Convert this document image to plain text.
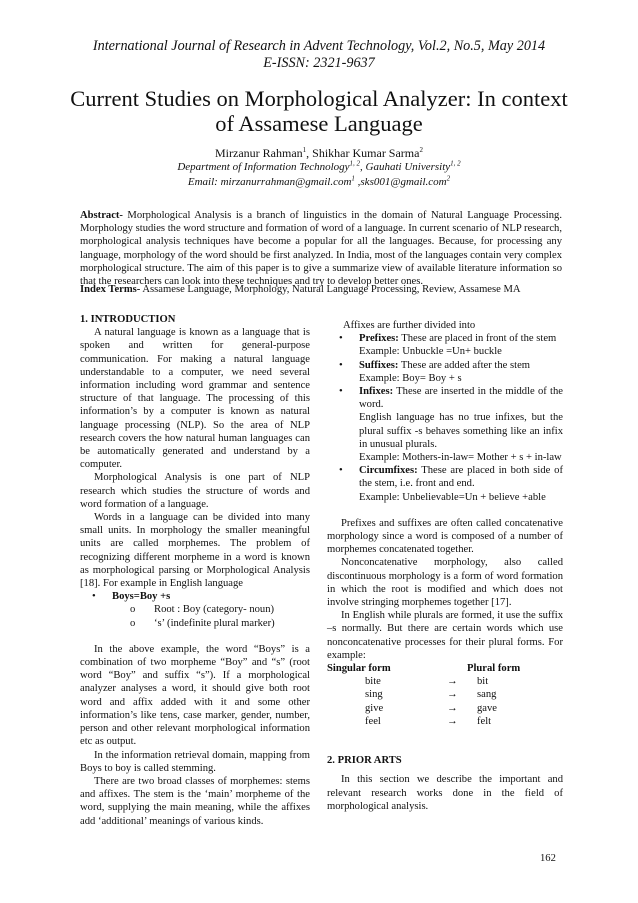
International Journal of Research in Advent Technology, Vol.2, No.5, May 2014
E-ISSN: 2321-9637
Current Studies on Morphological Analyzer: In context
of Assamese Language
Mirzanur Rahman$^1$, Shikhar Kumar Sarma$^2$
Department of Information Technology$^{1, 2}$, Gauhati University$^{1, 2}$
Email: mirzanurrahman@gmail.com$^1$ ,sks001@gmail.com$^2$
Abstract- Morphological Analysis is a branch of linguistics in the domain of Natural Language Processing. Morphology studies the word structure and formation of word of a language. In current scenario of NLP research, morphological analysis techniques have become a popular for all the languages. Because, for processing any language, morphology of the word should be first analyzed. In India, most of the languages contain very complex morphological structure. The aim of this paper is to give a summarize view of available literature information so that the researchers can look into these techniques and try to develop better ones.
Index Terms- Assamese Language, Morphology, Natural Language Processing, Review, Assamese MA
1. INTRODUCTION

A natural language is known as a language that is spoken and written for general-purpose communication. For making a natural language understandable to a computer, we need several information including word grammar and sentence structure of that language. The processing of this information’s by a computer is known as natural language processing (NLP). So the area of NLP research covers the how natural human languages can be automatically generated and understand by a computer.

Morphological Analysis is one part of NLP research which studies the structure of words and word formation of a language.

Words in a language can be divided into many small units. In morphology the smaller meaningful units are called morphemes. The problem of recognizing different morpheme in a word is known as morphological parsing or Morphological Analysis [18]. For example in English language

• Boys=Boy +s
o Root : Boy (category- noun)
o ‘s’ (indefinite plural marker)

In the above example, the word “Boys” is a combination of two morpheme “Boy” and “s” (root word “Boy” and suffix “s”). If a morphological analyzer analyses a word, it should give both root word and affix added with it and some other information’s like tens, case marker, gender, number, person and other relevant morphological information etc as output.

In the information retrieval domain, mapping from Boys to boy is called stemming.

There are two broad classes of morphemes: stems and affixes. The stem is the ‘main’ morpheme of the word, supplying the main meaning, while the affixes add ‘additional’ meanings of various kinds.

Affixes are further divided into
• Prefixes: These are placed in front of the stem
Example: Unbuckle =Un+ buckle
• Suffixes: These are added after the stem
Example: Boy= Boy + s
• Infixes: These are inserted in the middle of the word.
English language has no true infixes, but the plural suffix -s behaves something like an infix in unusual plurals.
Example: Mothers-in-law= Mother + s + in-law
• Circumfixes: These are placed in both side of the stem, i.e. front and end.
Example: Unbelievable=Un + believe +able

Prefixes and suffixes are often called concatenative morphology since a word is composed of a number of morphemes concatenated together.

Nonconcatenative morphology, also called discontinuous morphology is a form of word formation in which the root is modified and which does not involve stringing morphemes together [17].

In English while plurals are formed, it use the suffix –s normally. But there are certain words which use nonconcatenative processes for their plural forms. For example:

Singular form		Plural form
bite	→	bit
sing	→	sang
give	→	gave
feel	→	felt
2. PRIOR ARTS

In this section we describe the important and relevant research works done in the field of morphological analysis.

162
